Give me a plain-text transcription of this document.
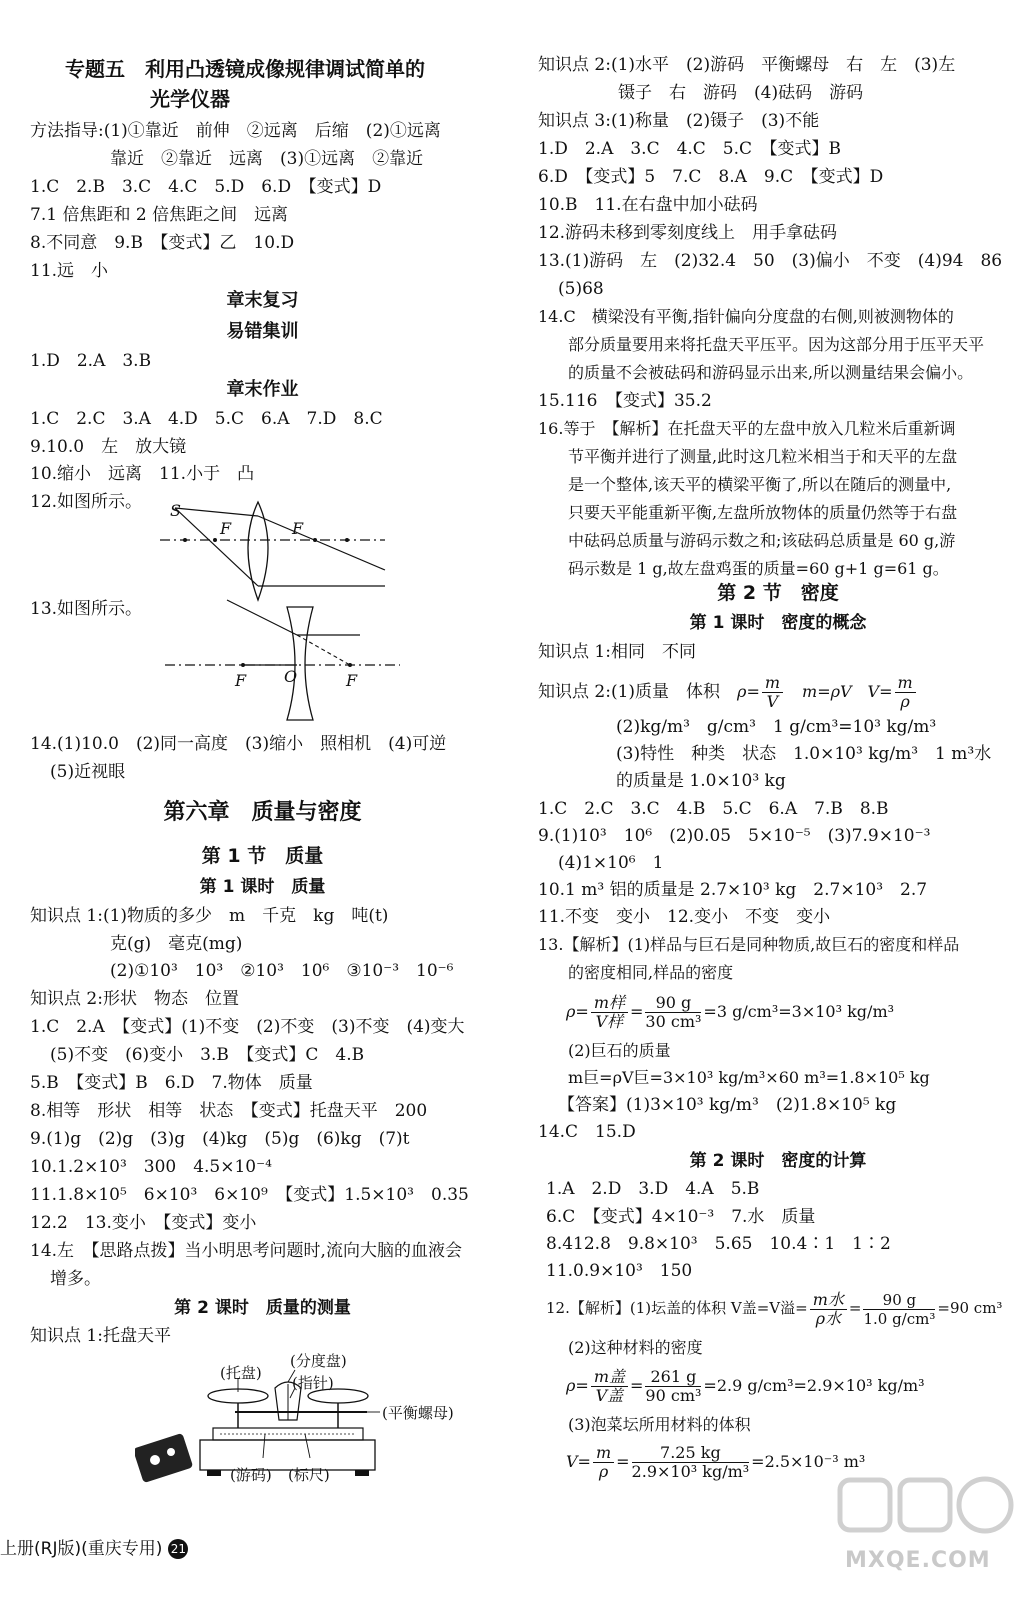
专题五　利用凸透镜成像规律调试简单的
光学仪器
方法指导:(1)①靠近　前伸　②远离　后缩　(2)①远离
靠近　②靠近　远离　(3)①远离　②靠近
1.C　2.B　3.C　4.C　5.D　6.D　【变式】D
7.1 倍焦距和 2 倍焦距之间　远离
8.不同意　9.B　【变式】乙　10.D
11.远　小
章末复习
易错集训
1.D　2.A　3.B
章末作业
1.C　2.C　3.A　4.D　5.C　6.A　7.D　8.C
9.10.0　左　放大镜
10.缩小　远离　11.小于　凸
12.如图所示。 S
F	F
13.如图所示。
F O	F
14.(1)10.0　(2)同一高度　(3)缩小　照相机　(4)可逆
(5)近视眼
第六章　质量与密度
第 1 节　质量
第 1 课时　质量
知识点 1:(1)物质的多少　m　千克　kg　吨(t)
克(g)　毫克(mg)
(2)①10³　10³　②10³　10⁶　③10⁻³　10⁻⁶
知识点 2:形状　物态　位置
1.C　2.A　【变式】(1)不变　(2)不变　(3)不变　(4)变大
(5)不变　(6)变小　3.B　【变式】C　4.B
5.B　【变式】B　6.D　7.物体　质量
8.相等　形状　相等　状态　【变式】托盘天平　200
9.(1)g　(2)g　(3)g　(4)kg　(5)g　(6)kg　(7)t
10.1.2×10³　300　4.5×10⁻⁴
11.1.8×10⁵　6×10³　6×10⁹　【变式】1.5×10³　0.35
12.2　13.变小　【变式】变小
14.左　【思路点拨】当小明思考问题时,流向大脑的血液会
增多。
第 2 课时　质量的测量
知识点 1:托盘天平
(托盘)
(分度盘)
(指针)
(平衡螺母)
(游码) (标尺)
知识点 2:(1)水平　(2)游码　平衡螺母　右　左　(3)左
镊子　右　游码　(4)砝码　游码
知识点 3:(1)称量　(2)镊子　(3)不能
1.D　2.A　3.C　4.C　5.C　【变式】B
6.D　【变式】5　7.C　8.A　9.C　【变式】D
10.B　11.在右盘中加小砝码
12.游码未移到零刻度线上　用手拿砝码
13.(1)游码　左　(2)32.4　50　(3)偏小　不变　(4)94　86
(5)68
14.C　横梁没有平衡,指针偏向分度盘的右侧,则被测物体的
部分质量要用来将托盘天平压平。因为这部分用于压平天平
的质量不会被砝码和游码显示出来,所以测量结果会偏小。
15.116　【变式】35.2
16.等于　【解析】在托盘天平的左盘中放入几粒米后重新调
节平衡并进行了测量,此时这几粒米相当于和天平的左盘
是一个整体,该天平的横梁平衡了,所以在随后的测量中,
只要天平能重新平衡,左盘所放物体的质量仍然等于右盘
中砝码总质量与游码示数之和;该砝码总质量是 60 g,游
码示数是 1 g,故左盘鸡蛋的质量=60 g+1 g=61 g。
第 2 节　密度
第 1 课时　密度的概念
知识点 1:相同　不同
知识点 2:(1)质量　体积　 $\rho= \frac{m}{V}$
　 m=ρV　$V= \frac{m}{\rho}$
(2)kg/m³　g/cm³　1 g/cm³=10³ kg/m³
(3)特性　种类　状态　1.0×10³ kg/m³　1 m³水
的质量是 1.0×10³ kg
1.C　2.C　3.C　4.B　5.C　6.A　7.B　8.B
9.(1)10³　10⁶　(2)0.05　5×10⁻⁵　(3)7.9×10⁻³
(4)1×10⁶　1
10.1 m³ 铝的质量是 2.7×10³ kg　2.7×10³　2.7
11.不变　变小　12.变小　不变　变小
13.【解析】(1)样品与巨石是同种物质,故巨石的密度和样品
的密度相同,样品的密度
$\rho= \frac{\text{m样}}{\text{V样}} = \frac{90 g}{\text{30 cm³}} =3$ g/cm³=3×10³ kg/m³
(2)巨石的质量
m巨=ρV巨=3×10³ kg/m³×60 m³=1.8×10⁵ kg
【答案】(1)3×10³ kg/m³　(2)1.8×10⁵ kg
14.C　15.D
第 2 课时　密度的计算
1.A　2.D　3.D　4.A　5.B
6.C　【变式】4×10⁻³　7.水　质量
8.412.8　9.8×10³　5.65　10.4∶1　1∶2
11.0.9×10³　150
12.【解析】(1)坛盖的体积 V盖=V溢= $\frac{\text{m水}}{\text{ρ水}} = \frac{90 g}{\text{1.0 g/cm³}} =90$ cm³
(2)这种材料的密度
$\rho= \frac{\text{m盖}}{\text{V盖}} = \frac{261 g}{\text{90 cm³}} =2.9$ g/cm³=2.9×10³ kg/m³
(3)泡菜坛所用材料的体积
$V= \frac{m}{\rho} = \frac{7.25 kg}{\text{2.9×10³ kg/m³}} =2.5\times 10^{-3}$ m³
上册(RJ版)(重庆专用) 21	MXQE.COM
